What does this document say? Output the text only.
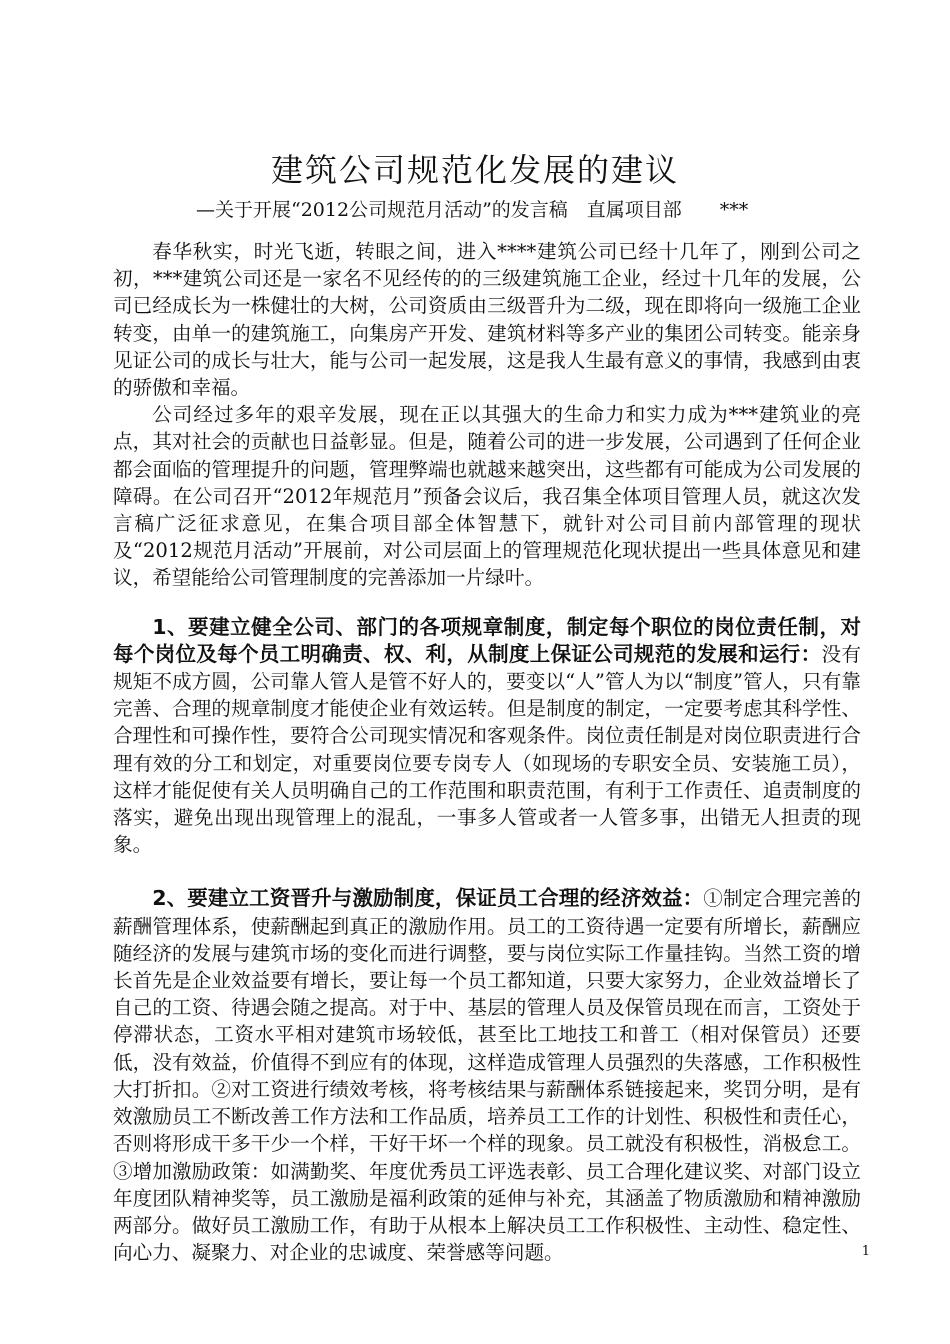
建筑公司规范化发展的建议
—关于开展“2012公司规范月活动”的发言稿　直属项目部　　***

春华秋实，时光飞逝，转眼之间，进入****建筑公司已经十几年了，刚到公司之初，***建筑公司还是一家名不见经传的的三级建筑施工企业，经过十几年的发展，公司已经成长为一株健壮的大树，公司资质由三级晋升为二级，现在即将向一级施工企业转变，由单一的建筑施工，向集房产开发、建筑材料等多产业的集团公司转变。能亲身见证公司的成长与壮大，能与公司一起发展，这是我人生最有意义的事情，我感到由衷的骄傲和幸福。

公司经过多年的艰辛发展，现在正以其强大的生命力和实力成为***建筑业的亮点，其对社会的贡献也日益彰显。但是，随着公司的进一步发展，公司遇到了任何企业都会面临的管理提升的问题，管理弊端也就越来越突出，这些都有可能成为公司发展的障碍。在公司召开“2012年规范月”预备会议后，我召集全体项目管理人员，就这次发言稿广泛征求意见，在集合项目部全体智慧下，就针对公司目前内部管理的现状及“2012规范月活动”开展前，对公司层面上的管理规范化现状提出一些具体意见和建议，希望能给公司管理制度的完善添加一片绿叶。

1、要建立健全公司、部门的各项规章制度，制定每个职位的岗位责任制，对每个岗位及每个员工明确责、权、利，从制度上保证公司规范的发展和运行：没有规矩不成方圆，公司靠人管人是管不好人的，要变以“人”管人为以“制度”管人，只有靠完善、合理的规章制度才能使企业有效运转。但是制度的制定，一定要考虑其科学性、合理性和可操作性，要符合公司现实情况和客观条件。岗位责任制是对岗位职责进行合理有效的分工和划定，对重要岗位要专岗专人（如现场的专职安全员、安装施工员），这样才能促使有关人员明确自己的工作范围和职责范围，有利于工作责任、追责制度的落实，避免出现出现管理上的混乱，一事多人管或者一人管多事，出错无人担责的现象。

2、要建立工资晋升与激励制度，保证员工合理的经济效益：①制定合理完善的薪酬管理体系，使薪酬起到真正的激励作用。员工的工资待遇一定要有所增长，薪酬应随经济的发展与建筑市场的变化而进行调整，要与岗位实际工作量挂钩。当然工资的增长首先是企业效益要有增长，要让每一个员工都知道，只要大家努力，企业效益增长了自己的工资、待遇会随之提高。对于中、基层的管理人员及保管员现在而言，工资处于停滞状态，工资水平相对建筑市场较低，甚至比工地技工和普工（相对保管员）还要低，没有效益，价值得不到应有的体现，这样造成管理人员强烈的失落感，工作积极性大打折扣。②对工资进行绩效考核，将考核结果与薪酬体系链接起来，奖罚分明，是有效激励员工不断改善工作方法和工作品质，培养员工工作的计划性、积极性和责任心，否则将形成干多干少一个样，干好干坏一个样的现象。员工就没有积极性，消极怠工。③增加激励政策：如满勤奖、年度优秀员工评选表彰、员工合理化建议奖、对部门设立年度团队精神奖等，员工激励是福利政策的延伸与补充，其涵盖了物质激励和精神激励两部分。做好员工激励工作，有助于从根本上解决员工工作积极性、主动性、稳定性、向心力、凝聚力、对企业的忠诚度、荣誉感等问题。	1
